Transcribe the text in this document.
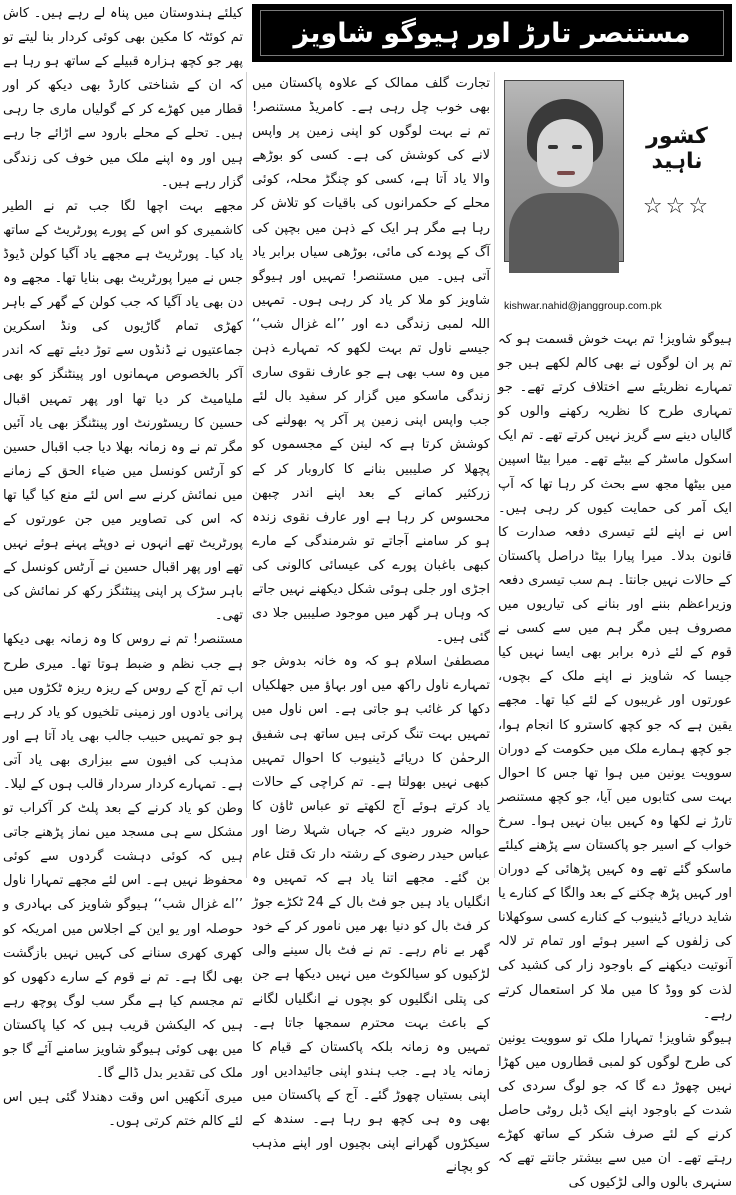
مستنصر تارڑ اور ہیوگو شاویز
کشور ناہید
☆☆☆
kishwar.nahid@janggroup.com.pk

ہیوگو شاویز! تم بہت خوش قسمت ہو کہ تم پر ان لوگوں نے بھی کالم لکھے ہیں جو تمہارے نظریئے سے اختلاف کرتے تھے۔ جو تمہاری طرح کا نظریہ رکھنے والوں کو گالیاں دینے سے گریز نہیں کرتے تھے۔ تم ایک اسکول ماسٹر کے بیٹے تھے۔ میرا بیٹا اسپین میں بیٹھا مجھ سے بحث کر رہا تھا کہ آپ ایک آمر کی حمایت کیوں کر رہی ہیں۔ اس نے اپنے لئے تیسری دفعہ صدارت کا قانون بدلا۔ میرا پیارا بیٹا دراصل پاکستان کے حالات نہیں جانتا۔ ہم سب تیسری دفعہ وزیراعظم بننے اور بنانے کی تیاریوں میں مصروف ہیں مگر ہم میں سے کسی نے قوم کے لئے ذرہ برابر بھی ایسا نہیں کیا جیسا کہ شاویز نے اپنے ملک کے بچوں، عورتوں اور غریبوں کے لئے کیا تھا۔ مجھے یقین ہے کہ جو کچھ کاسترو کا انجام ہوا، جو کچھ ہمارے ملک میں حکومت کے دوران سوویت یونین میں ہوا تھا جس کا احوال بہت سی کتابوں میں آیا، جو کچھ مستنصر تارڑ نے لکھا وہ کہیں بیان نہیں ہوا۔ سرخ خواب کے اسیر جو پاکستان سے پڑھنے کیلئے ماسکو گئے تھے وہ کہیں پڑھائی کے دوران اور کہیں پڑھ چکنے کے بعد والگا کے کنارے یا شاید دریائے ڈینیوب کے کنارے کسی سوکھلانا کی زلفوں کے اسیر ہوئے اور تمام تر لالہ آنوتیت دیکھنے کے باوجود زار کی کشید کی لذت کو ووڈ کا میں ملا کر استعمال کرتے رہے۔

ہیوگو شاویز! تمہارا ملک تو سوویت یونین کی طرح لوگوں کو لمبی قطاروں میں کھڑا نہیں چھوڑ دے گا کہ جو لوگ سردی کی شدت کے باوجود اپنے ایک ڈبل روٹی حاصل کرنے کے لئے صرف شکر کے ساتھ کھڑے رہتے تھے۔ ان میں سے بیشتر جانتے تھے کہ سنہری بالوں والی لڑکیوں کی

تجارت گلف ممالک کے علاوہ پاکستان میں بھی خوب چل رہی ہے۔ کامریڈ مستنصر! تم نے بہت لوگوں کو اپنی زمین پر واپس لانے کی کوشش کی ہے۔ کسی کو بوڑھے والا یاد آتا ہے، کسی کو چنگڑ محلہ، کوئی محلے کے حکمرانوں کی باقیات کو تلاش کر رہا ہے مگر ہر ایک کے ذہن میں بچپن کی آگ کے پودے کی مائی، بوڑھی سیاں برابر یاد آتی ہیں۔ میں مستنصر! تمہیں اور ہیوگو شاویز کو ملا کر یاد کر رہی ہوں۔ تمہیں اللہ لمبی زندگی دے اور ’’اے غزال شب‘‘ جیسے ناول تم بہت لکھو کہ تمہارے ذہن میں وہ سب بھی ہے جو عارف نقوی ساری زندگی ماسکو میں گزار کر سفید بال لئے جب واپس اپنی زمین پر آکر پہ بھولنے کی کوشش کرتا ہے کہ لینن کے مجسموں کو پچھلا کر صلیبیں بنانے کا کاروبار کر کے زرکثیر کمانے کے بعد اپنے اندر چبھن محسوس کر رہا ہے اور عارف نقوی زندہ ہو کر سامنے آجاتے تو شرمندگی کے مارے کبھی باغبان پورے کی عیسائی کالونی کی اجڑی اور جلی ہوئی شکل دیکھنے نہیں جاتے کہ وہاں ہر گھر میں موجود صلیبیں جلا دی گئی ہیں۔

مصطفیٰ اسلام ہو کہ وہ خانہ بدوش جو تمہارے ناول راکھ میں اور بہاؤ میں جھلکیاں دکھا کر غائب ہو جاتی ہے۔ اس ناول میں تمہیں بہت تنگ کرتی ہیں ساتھ ہی شفیق الرحمٰن کا دریائے ڈینیوب کا احوال تمہیں کبھی نہیں بھولتا ہے۔ تم کراچی کے حالات یاد کرتے ہوئے آج لکھتے تو عباس ٹاؤن کا حوالہ ضرور دیتے کہ جہاں شہلا رضا اور عباس حیدر رضوی کے رشتہ دار تک قتل عام بن گئے۔ مجھے اتنا یاد ہے کہ تمہیں وہ انگلیاں یاد ہیں جو فٹ بال کے 24 ٹکڑے جوڑ کر فٹ بال کو دنیا بھر میں نامور کر کے خود گھر بے نام رہے۔ تم نے فٹ بال سینے والی لڑکیوں کو سیالکوٹ میں نہیں دیکھا ہے جن کی پتلی انگلیوں کو بچوں نے انگلیاں لگانے کے باعث بہت محترم سمجھا جاتا ہے۔ تمہیں وہ زمانہ بلکہ پاکستان کے قیام کا زمانہ یاد ہے۔ جب ہندو اپنی جائیدادیں اور اپنی بستیاں چھوڑ گئے۔ آج کے پاکستان میں بھی وہ ہی کچھ ہو رہا ہے۔ سندھ کے سیکڑوں گھرانے اپنی بچیوں اور اپنے مذہب کو بچانے

کیلئے ہندوستان میں پناہ لے رہے ہیں۔ کاش تم کوئٹہ کا مکین بھی کوئی کردار بنا لیتے تو پھر جو کچھ ہزارہ قبیلے کے ساتھ ہو رہا ہے کہ ان کے شناختی کارڈ بھی دیکھ کر اور قطار میں کھڑے کر کے گولیاں ماری جا رہی ہیں۔ تحلے کے محلے بارود سے اڑائے جا رہے ہیں اور وہ اپنے ملک میں خوف کی زندگی گزار رہے ہیں۔

مجھے بہت اچھا لگا جب تم نے الطیر کاشمیری کو اس کے پورے پورٹریٹ کے ساتھ یاد کیا۔ پورٹریٹ ہے مجھے یاد آگیا کولن ڈیوڈ جس نے میرا پورٹریٹ بھی بنایا تھا۔ مجھے وہ دن بھی یاد آگیا کہ جب کولن کے گھر کے باہر کھڑی تمام گاڑیوں کی ونڈ اسکرین جماعتیوں نے ڈنڈوں سے توڑ دیئے تھے کہ اندر آکر بالخصوص مہمانوں اور پینٹنگز کو بھی ملیامیٹ کر دیا تھا اور پھر تمہیں اقبال حسین کا ریسٹورنٹ اور پینٹنگز بھی یاد آئیں مگر تم نے وہ زمانہ بھلا دیا جب اقبال حسین کو آرٹس کونسل میں ضیاء الحق کے زمانے میں نمائش کرنے سے اس لئے منع کیا گیا تھا کہ اس کی تصاویر میں جن عورتوں کے پورٹریٹ تھے انہوں نے دوپٹے پہنے ہوئے نہیں تھے اور پھر اقبال حسین نے آرٹس کونسل کے باہر سڑک پر اپنی پینٹنگز رکھ کر نمائش کی تھی۔

مستنصر! تم نے روس کا وہ زمانہ بھی دیکھا ہے جب نظم و ضبط ہوتا تھا۔ میری طرح اب تم آج کے روس کے ریزہ ریزہ ٹکڑوں میں پرانی یادوں اور زمینی تلخیوں کو یاد کر رہے ہو جو تمہیں حبیب جالب بھی یاد آتا ہے اور مذہب کی افیون سے بیزاری بھی یاد آتی ہے۔ تمہارے کردار سردار قالب ہوں کے لیلا۔ وطن کو یاد کرنے کے بعد پلٹ کر آکراب تو مشکل سے ہی مسجد میں نماز پڑھنے جاتی ہیں کہ کوئی دہشت گردوں سے کوئی محفوظ نہیں ہے۔ اس لئے مجھے تمہارا ناول ’’اے غزال شب‘‘ ہیوگو شاویز کی بہادری و حوصلہ اور یو این کے اجلاس میں امریکہ کو کھری کھری سنانے کی کہیں نہیں بازگشت بھی لگا ہے۔ تم نے قوم کے سارے دکھوں کو تم مجسم کیا ہے مگر سب لوگ پوچھ رہے ہیں کہ الیکشن قریب ہیں کہ کیا پاکستان میں بھی کوئی ہیوگو شاویز سامنے آئے گا جو ملک کی تقدیر بدل ڈالے گا۔

میری آنکھیں اس وقت دھندلا گئی ہیں اس لئے کالم ختم کرتی ہوں۔
